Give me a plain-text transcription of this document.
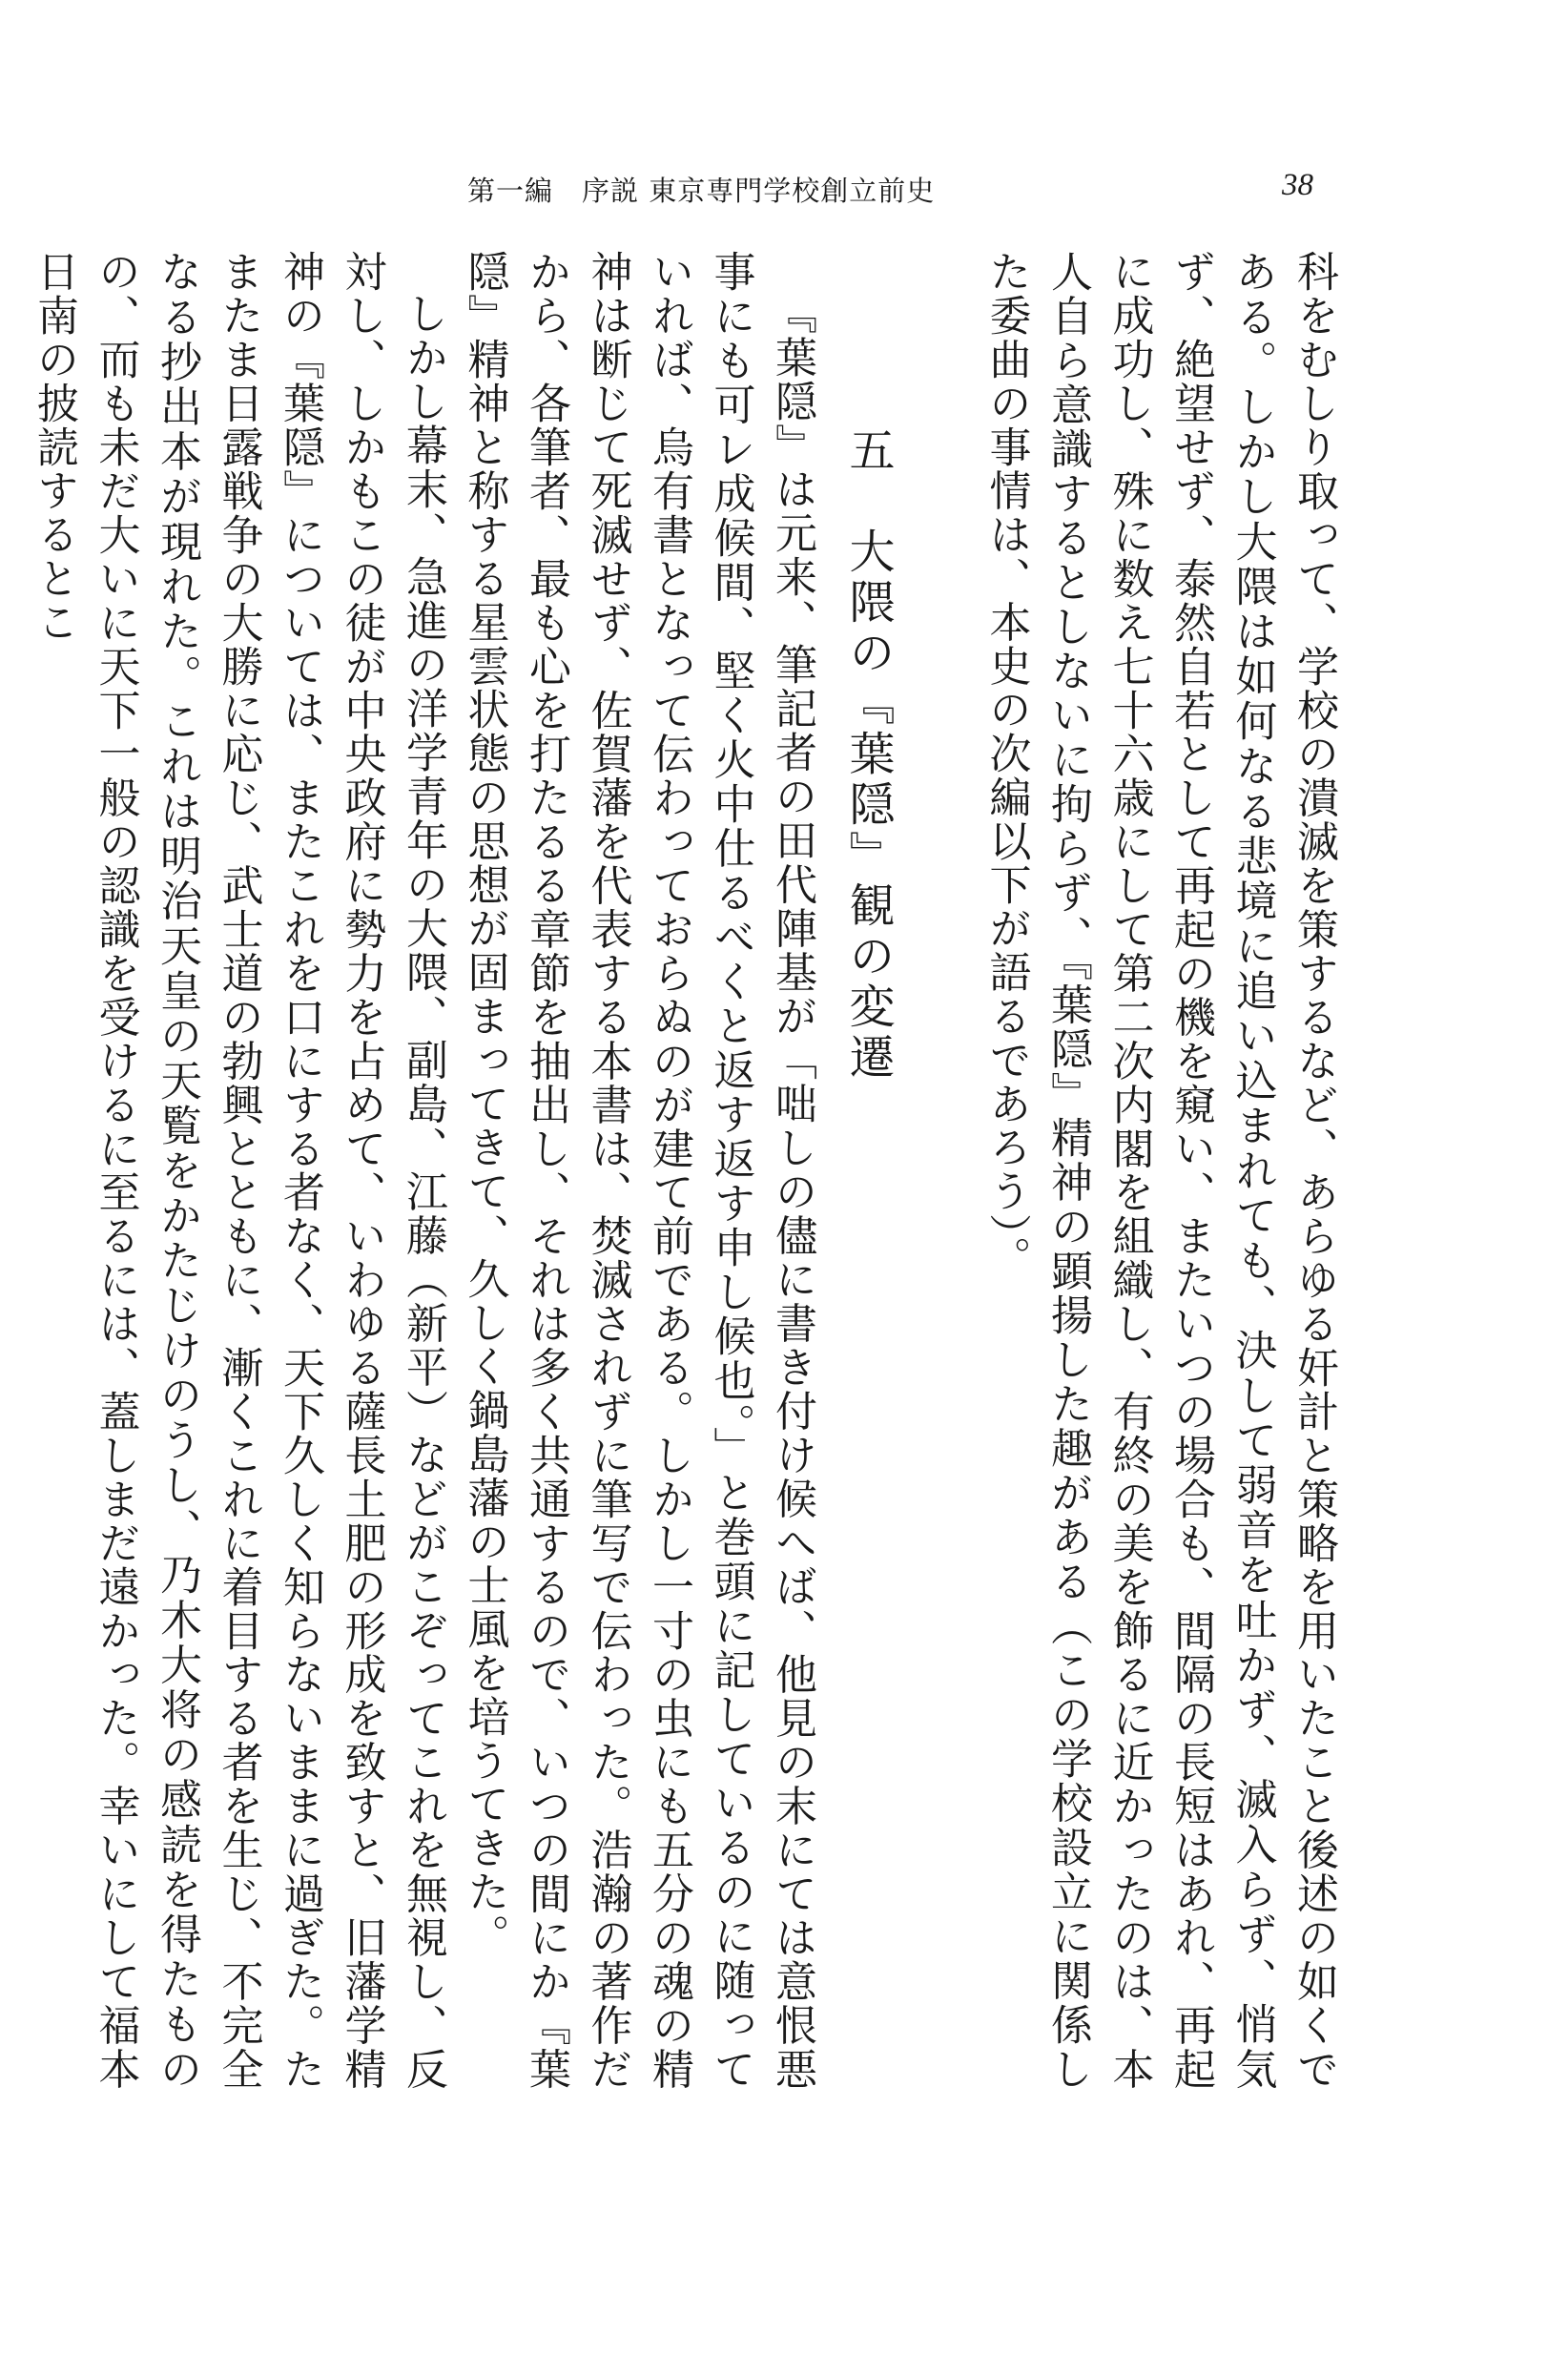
第一編　序説 東京専門学校創立前史	38

科をむしり取って、学校の潰滅を策するなど、あらゆる奸計と策略を用いたこと後述の如くである。しかし大隈は如何なる悲境に追い込まれても、決して弱音を吐かず、滅入らず、悄気ず、絶望せず、泰然自若として再起の機を窺い、またいつの場合も、間隔の長短はあれ、再起に成功し、殊に数え七十六歳にして第二次内閣を組織し、有終の美を飾るに近かったのは、本人自ら意識するとしないに拘らず、『葉隠』精神の顕揚した趣がある（この学校設立に関係した委曲の事情は、本史の次編以下が語るであろう）。

五　大隈の『葉隠』観の変遷

『葉隠』は元来、筆記者の田代陣基が「咄しの儘に書き付け候へば、他見の末にては意恨悪事にも可レ成候間、堅く火中仕るべくと返す返す申し候也。」と巻頭に記しているのに随っていれば、烏有書となって伝わっておらぬのが建て前である。しかし一寸の虫にも五分の魂の精神は断じて死滅せず、佐賀藩を代表する本書は、焚滅されずに筆写で伝わった。浩瀚の著作だから、各筆者、最も心を打たるる章節を抽出し、それは多く共通するので、いつの間にか『葉隠』精神と称する星雲状態の思想が固まってきて、久しく鍋島藩の士風を培うてきた。

しかし幕末、急進の洋学青年の大隈、副島、江藤（新平）などがこぞってこれを無視し、反対し、しかもこの徒が中央政府に勢力を占めて、いわゆる薩長土肥の形成を致すと、旧藩学精神の『葉隠』については、またこれを口にする者なく、天下久しく知らないままに過ぎた。たまたま日露戦争の大勝に応じ、武士道の勃興とともに、漸くこれに着目する者を生じ、不完全なる抄出本が現れた。これは明治天皇の天覧をかたじけのうし、乃木大将の感読を得たものの、而も未だ大いに天下一般の認識を受けるに至るには、蓋しまだ遠かった。幸いにして福本日南の披読するとこ
